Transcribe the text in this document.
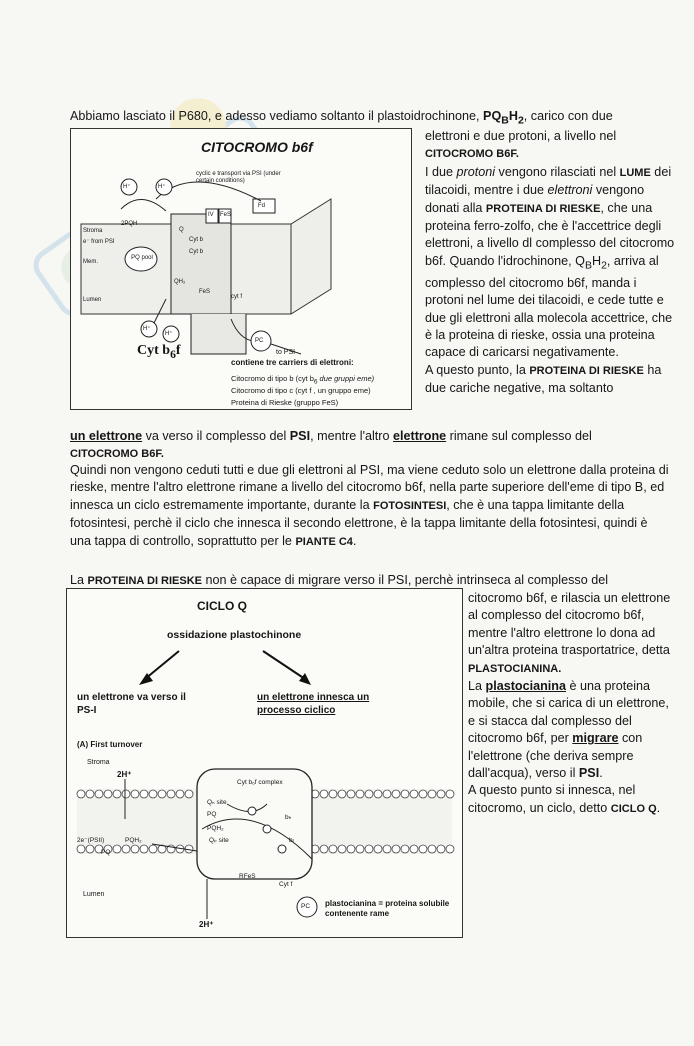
Abbiamo lasciato il P680, e adesso vediamo soltanto il plastoidrochinone, $PQ_BH_2$, carico con due
CITOCROMO b6f
H⁺	H⁺
H⁺
H⁺
cyclic e transport via PSI (under certain conditions)
Stroma
e⁻ from PSI
2PQH
Mem.
PQ pool
Lumen
Fd
IV FeS
Q
Cyt b
Cyt b
QH₂
FeS
cyt f
PC
to PSI
Cyt $b_6f$
contiene tre carriers di elettroni:
Citocromo di tipo b (cyt $b_6$ due gruppi eme)
Citocromo di tipo c (cyt f , un gruppo eme)
Proteina di Rieske (gruppo FeS)
elettroni e due protoni, a livello nel CITOCROMO B6F.
I due protoni vengono rilasciati nel LUME dei tilacoidi, mentre i due elettroni vengono donati alla PROTEINA DI RIESKE, che una proteina ferro-zolfo, che è l'accettrice degli elettroni, a livello dl complesso del citocromo b6f. Quando l'idrochinone, $Q_BH_2$, arriva al complesso del citocromo b6f, manda i protoni nel lume dei tilacoidi, e cede tutte e due gli elettroni alla molecola accettrice, che è la proteina di rieske, ossia una proteina capace di caricarsi negativamente.
A questo punto, la PROTEINA DI RIESKE ha due cariche negative, ma soltanto
un elettrone va verso il complesso del PSI, mentre l'altro elettrone rimane sul complesso del
CITOCROMO B6F.
Quindi non vengono ceduti tutti e due gli elettroni al PSI, ma viene ceduto solo un elettrone dalla proteina di rieske, mentre l'altro elettrone rimane a livello del citocromo b6f, nella parte superiore dell'eme di tipo B, ed innesca un ciclo estremamente importante, durante la FOTOSINTESI, che è una tappa limitante della fotosintesi, perchè il ciclo che innesca il secondo elettrone, è la tappa limitante della fotosintesi, quindi è una tappa di controllo, soprattutto per le PIANTE C4.
La PROTEINA DI RIESKE non è capace di migrare verso il PSI, perchè intrinseca al complesso del
CICLO Q
ossidazione plastochinone
un elettrone va verso il PS-I
un elettrone innesca un processo ciclico
(A) First turnover
Stroma
2H⁺
Cyt b₆f complex
Qₙ site
PQ
PQH₂
Qₚ site
bₕ
bₗ
2e⁻(PSII)	PQH₂
PQ
RFeS
Cyt f
PC
Lumen
2H⁺
plastocianina = proteina solubile contenente rame
citocromo b6f, e rilascia un elettrone al complesso del citocromo b6f, mentre l'altro elettrone lo dona ad un'altra proteina trasportatrice, detta PLASTOCIANINA.
La plastocianina è una proteina mobile, che si carica di un elettrone, e si stacca dal complesso del citocromo b6f, per migrare con l'elettrone (che deriva sempre dall'acqua), verso il PSI.
A questo punto si innesca, nel citocromo, un ciclo, detto CICLO Q.
